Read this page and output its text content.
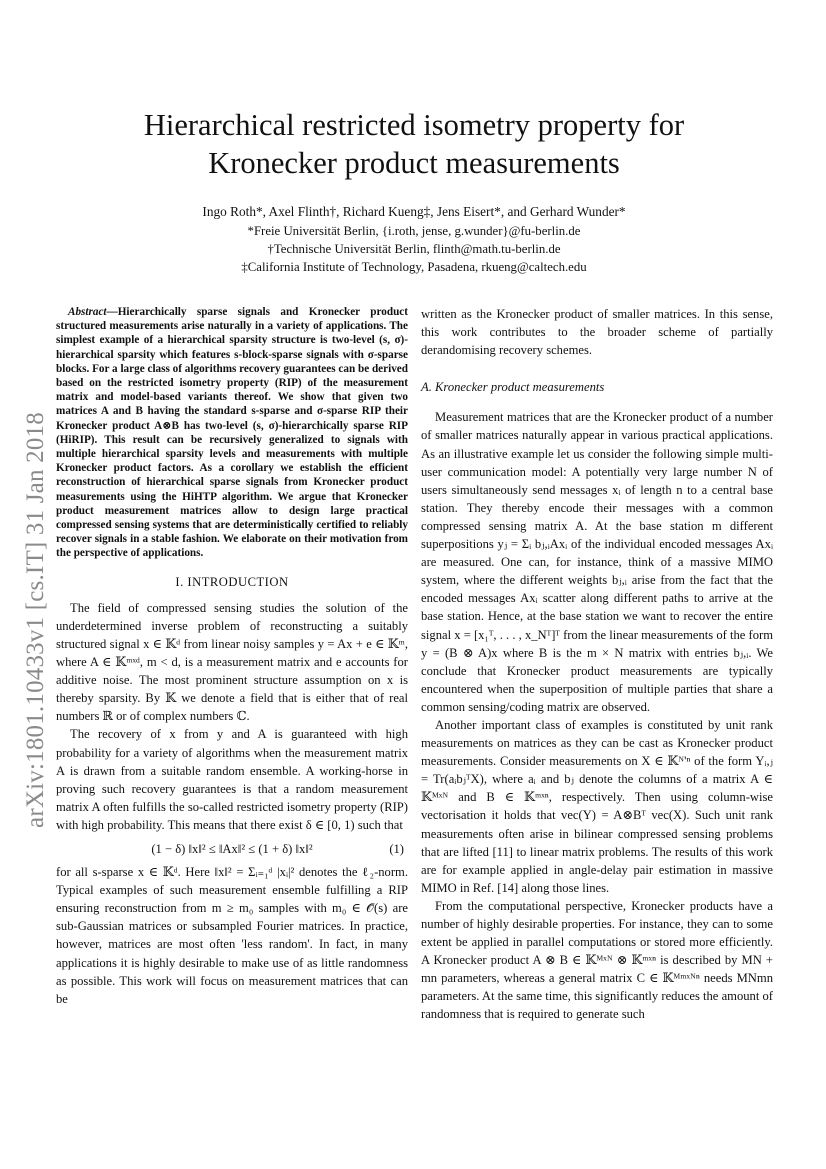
arXiv:1801.10433v1 [cs.IT] 31 Jan 2018
Hierarchical restricted isometry property for
Kronecker product measurements
Ingo Roth*, Axel Flinth†, Richard Kueng‡, Jens Eisert*, and Gerhard Wunder*
*Freie Universität Berlin, {i.roth, jense, g.wunder}@fu-berlin.de
†Technische Universität Berlin, flinth@math.tu-berlin.de
‡California Institute of Technology, Pasadena, rkueng@caltech.edu

Abstract—Hierarchically sparse signals and Kronecker product structured measurements arise naturally in a variety of applications. The simplest example of a hierarchical sparsity structure is two-level (s, σ)-hierarchical sparsity which features s-block-sparse signals with σ-sparse blocks. For a large class of algorithms recovery guarantees can be derived based on the restricted isometry property (RIP) of the measurement matrix and model-based variants thereof. We show that given two matrices A and B having the standard s-sparse and σ-sparse RIP their Kronecker product A⊗B has two-level (s, σ)-hierarchically sparse RIP (HiRIP). This result can be recursively generalized to signals with multiple hierarchical sparsity levels and measurements with multiple Kronecker product factors. As a corollary we establish the efficient reconstruction of hierarchical sparse signals from Kronecker product measurements using the HiHTP algorithm. We argue that Kronecker product measurement matrices allow to design large practical compressed sensing systems that are deterministically certified to reliably recover signals in a stable fashion. We elaborate on their motivation from the perspective of applications.

I. INTRODUCTION

The field of compressed sensing studies the solution of the underdetermined inverse problem of reconstructing a suitably structured signal x ∈ 𝕂ᵈ from linear noisy samples y = Ax + e ∈ 𝕂ᵐ, where A ∈ 𝕂ᵐˣᵈ, m < d, is a measurement matrix and e accounts for additive noise. The most prominent structure assumption on x is thereby sparsity. By 𝕂 we denote a field that is either that of real numbers ℝ or of complex numbers ℂ.

The recovery of x from y and A is guaranteed with high probability for a variety of algorithms when the measurement matrix A is drawn from a suitable random ensemble. A working-horse in proving such recovery guarantees is that a random measurement matrix A often fulfills the so-called restricted isometry property (RIP) with high probability. This means that there exist δ ∈ [0, 1) such that

(1 − δ) ‖x‖² ≤ ‖Ax‖² ≤ (1 + δ) ‖x‖²	(1)

for all s-sparse x ∈ 𝕂ᵈ. Here ‖x‖² = Σᵢ₌₁ᵈ |xᵢ|² denotes the ℓ₂-norm. Typical examples of such measurement ensemble fulfilling a RIP ensuring reconstruction from m ≥ m₀ samples with m₀ ∈ 𝒪̃(s) are sub-Gaussian matrices or subsampled Fourier matrices. In practice, however, matrices are most often 'less random'. In fact, in many applications it is highly desirable to make use of as little randomness as possible. This work will focus on measurement matrices that can be

written as the Kronecker product of smaller matrices. In this sense, this work contributes to the broader scheme of partially derandomising recovery schemes.

A. Kronecker product measurements

Measurement matrices that are the Kronecker product of a number of smaller matrices naturally appear in various practical applications. As an illustrative example let us consider the following simple multi-user communication model: A potentially very large number N of users simultaneously send messages xᵢ of length n to a central base station. They thereby encode their messages with a common compressed sensing matrix A. At the base station m different superpositions yⱼ = Σᵢ bⱼ,ᵢAxᵢ of the individual encoded messages Axᵢ are measured. One can, for instance, think of a massive MIMO system, where the different weights bⱼ,ᵢ arise from the fact that the encoded messages Axᵢ scatter along different paths to arrive at the base station. Hence, at the base station we want to recover the entire signal x = [x₁ᵀ, . . . , x_Nᵀ]ᵀ from the linear measurements of the form y = (B ⊗ A)x where B is the m × N matrix with entries bⱼ,ᵢ. We conclude that Kronecker product measurements are typically encountered when the superposition of multiple parties that share a common sensing/coding matrix are observed.

Another important class of examples is constituted by unit rank measurements on matrices as they can be cast as Kronecker product measurements. Consider measurements on X ∈ 𝕂ᴺ'ⁿ of the form Yᵢ,ⱼ = Tr(aᵢbⱼᵀX), where aᵢ and bⱼ denote the columns of a matrix A ∈ 𝕂ᴹˣᴺ and B ∈ 𝕂ᵐˣⁿ, respectively. Then using column-wise vectorisation it holds that vec(Y) = A⊗Bᵀ vec(X). Such unit rank measurements often arise in bilinear compressed sensing problems that are lifted [11] to linear matrix problems. The results of this work are for example applied in angle-delay pair estimation in massive MIMO in Ref. [14] along those lines.

From the computational perspective, Kronecker products have a number of highly desirable properties. For instance, they can to some extent be applied in parallel computations or stored more efficiently. A Kronecker product A ⊗ B ∈ 𝕂ᴹˣᴺ ⊗ 𝕂ᵐˣⁿ is described by MN + mn parameters, whereas a general matrix C ∈ 𝕂ᴹᵐˣᴺⁿ needs MNmn parameters. At the same time, this significantly reduces the amount of randomness that is required to generate such
